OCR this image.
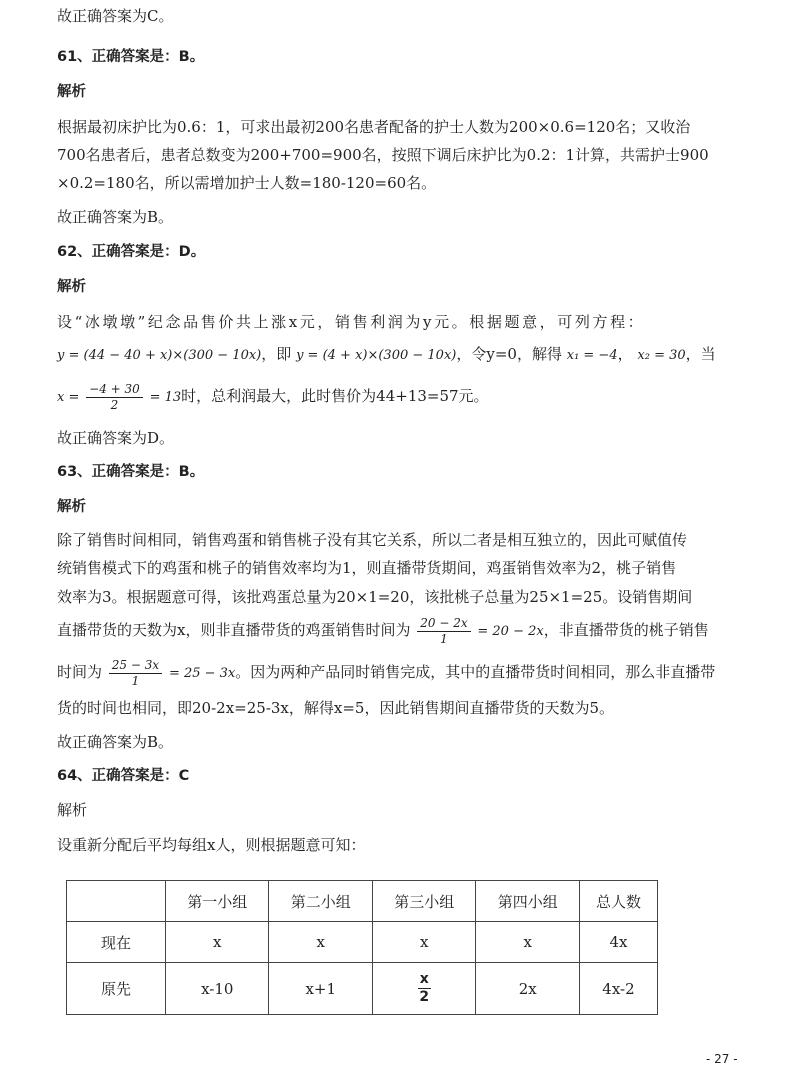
故正确答案为C。
61、正确答案是：B。
解析
根据最初床护比为0.6：1，可求出最初200名患者配备的护士人数为200×0.6=120名；又收治
700名患者后，患者总数变为200+700=900名，按照下调后床护比为0.2：1计算，共需护士900
×0.2=180名，所以需增加护士人数=180-120=60名。
故正确答案为B。
62、正确答案是：D。
解析
设“冰墩墩”纪念品售价共上涨x元，销售利润为y元。根据题意，可列方程：
y = (44 − 40 + x)×(300 − 10x)，即 y = (4 + x)×(300 − 10x)，令y=0，解得 x₁ = −4， x₂ = 30，当
$x = \frac{-4 + 30}{2} = 13$时，总利润最大，此时售价为44+13=57元。
故正确答案为D。
63、正确答案是：B。
解析
除了销售时间相同，销售鸡蛋和销售桃子没有其它关系，所以二者是相互独立的，因此可赋值传
统销售模式下的鸡蛋和桃子的销售效率均为1，则直播带货期间，鸡蛋销售效率为2，桃子销售
效率为3。根据题意可得，该批鸡蛋总量为20×1=20，该批桃子总量为25×1=25。设销售期间
直播带货的天数为x，则非直播带货的鸡蛋销售时间为 $\frac{20 - 2x}{1} = 20 - 2x$，非直播带货的桃子销售
时间为 $\frac{25 - 3x}{1} = 25 - 3x$。因为两种产品同时销售完成，其中的直播带货时间相同，那么非直播带
货的时间也相同，即20-2x=25-3x，解得x=5，因此销售期间直播带货的天数为5。
故正确答案为B。
64、正确答案是：C
解析
设重新分配后平均每组x人，则根据题意可知：
	第一小组	第二小组	第三小组	第四小组	总人数
现在	x	x	x	x	4x
原先	x-10	x+1	$\frac{x}{2}$	2x	4x-2
- 27 -
